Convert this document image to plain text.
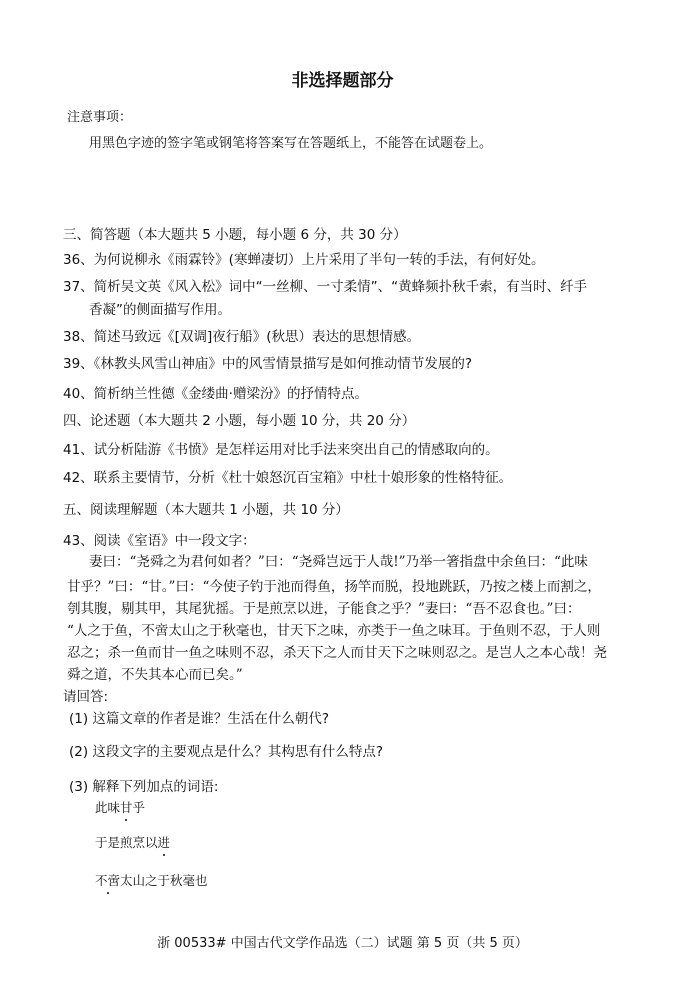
非选择题部分
注意事项：
用黑色字迹的签字笔或钢笔将答案写在答题纸上，不能答在试题卷上。
三、简答题（本大题共 5 小题，每小题 6 分，共 30 分）
36、为何说柳永《雨霖铃》(寒蝉凄切）上片采用了半句一转的手法，有何好处。
37、简析吴文英《风入松》词中“一丝柳、一寸柔情”、“黄蜂频扑秋千索，有当时、纤手
香凝”的侧面描写作用。
38、简述马致远《[双调]夜行船》(秋思）表达的思想情感。
39、《林教头风雪山神庙》中的风雪情景描写是如何推动情节发展的?
40、简析纳兰性德《金缕曲·赠梁汾》的抒情特点。
四、论述题（本大题共 2 小题，每小题 10 分，共 20 分）
41、试分析陆游《书愤》是怎样运用对比手法来突出自己的情感取向的。
42、联系主要情节，分析《杜十娘怒沉百宝箱》中杜十娘形象的性格特征。
五、阅读理解题（本大题共 1 小题，共 10 分）
43、阅读《室语》中一段文字：
妻曰：“尧舜之为君何如者？”曰：“尧舜岂远于人哉!”乃举一箸指盘中余鱼曰：“此味
甘乎？”曰：“甘。”曰：“今使子钓于池而得鱼，扬竿而脱，投地跳跃，乃按之楼上而割之，
刳其腹，剔其甲，其尾犹摇。于是煎烹以进，子能食之乎？”妻曰：“吾不忍食也。”曰：
“人之于鱼，不啻太山之于秋毫也，甘天下之味，亦类于一鱼之味耳。于鱼则不忍，于人则
忍之；杀一鱼而甘一鱼之味则不忍，杀天下之人而甘天下之味则忍之。是岂人之本心哉！尧
舜之道，不失其本心而已矣。”
请回答:
(1) 这篇文章的作者是谁？生活在什么朝代?
(2) 这段文字的主要观点是什么？其构思有什么特点?
(3) 解释下列加点的词语:
此味甘乎
于是煎烹以进
不啻太山之于秋毫也
浙 00533# 中国古代文学作品选（二）试题 第 5 页（共 5 页）
